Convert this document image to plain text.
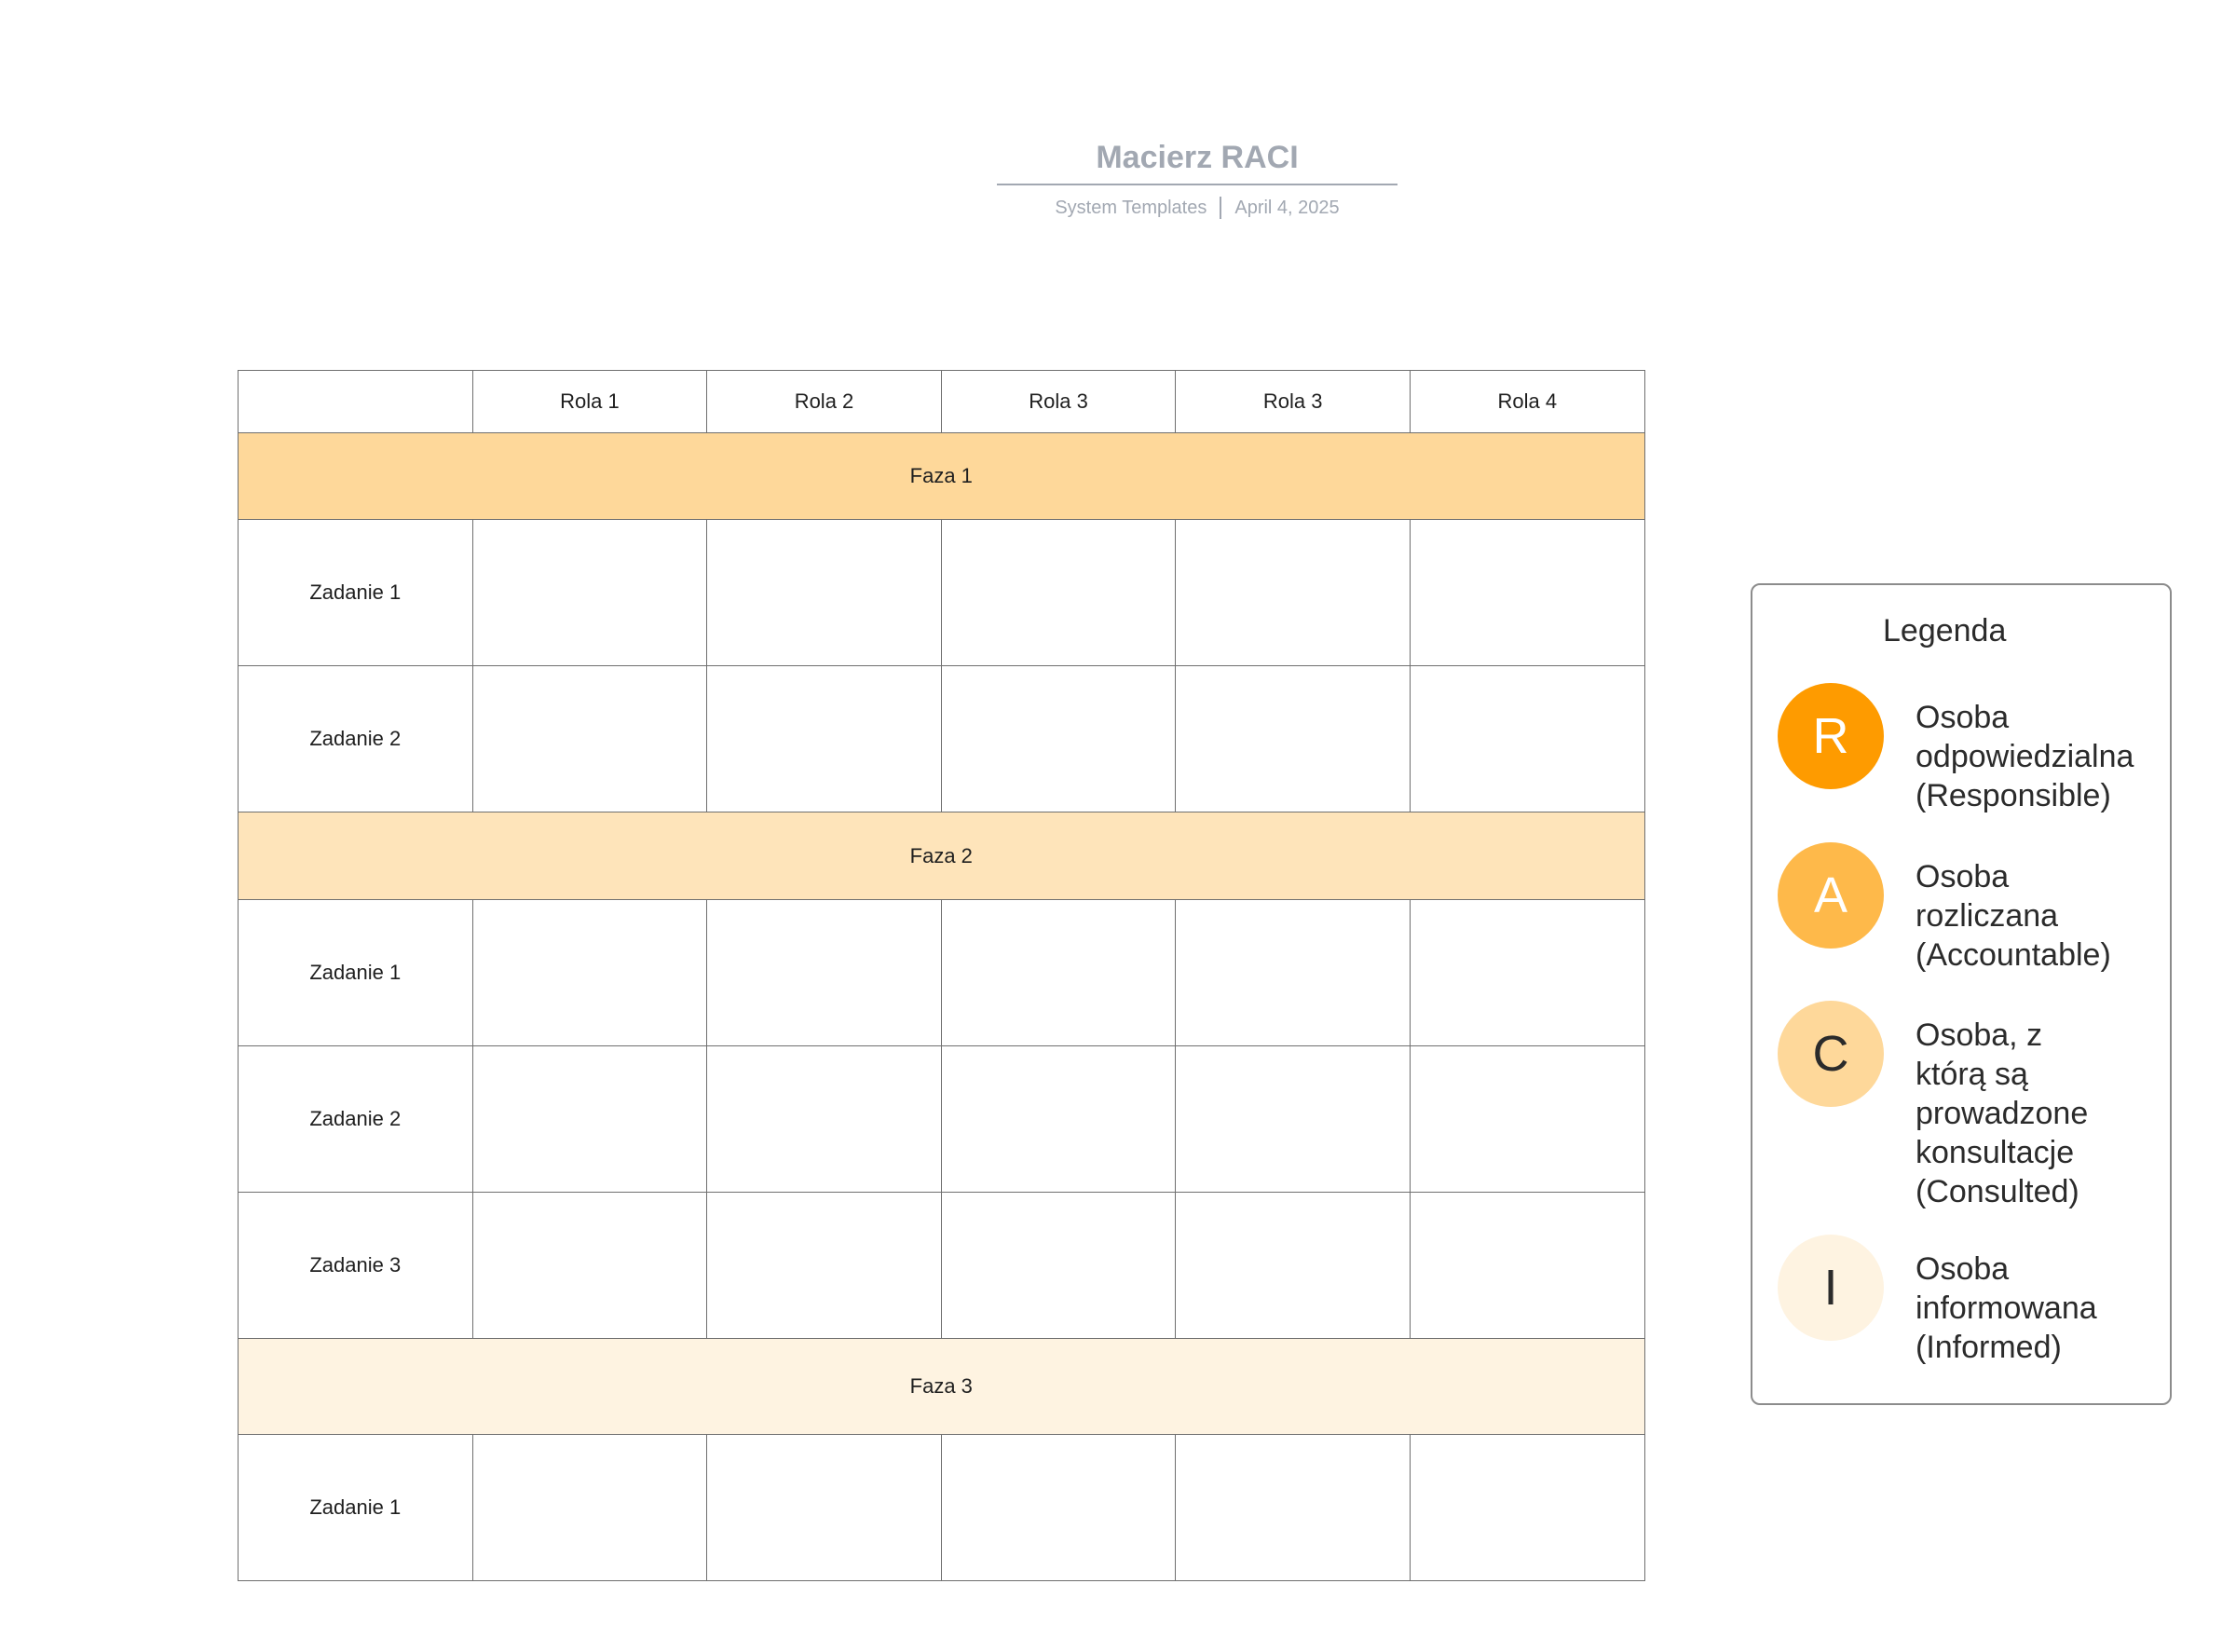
Macierz RACI
System Templates April 4, 2025
	Rola 1	Rola 2	Rola 3	Rola 3	Rola 4
Faza 1					
Zadanie 1					
Zadanie 2					
Faza 2					
Zadanie 1					
Zadanie 2					
Zadanie 3					
Faza 3					
Zadanie 1					
Legenda
R	Osoba
odpowiedzialna
(Responsible)
A	Osoba
rozliczana
(Accountable)
C	Osoba, z
którą są
prowadzone
konsultacje
(Consulted)
I	Osoba
informowana
(Informed)
